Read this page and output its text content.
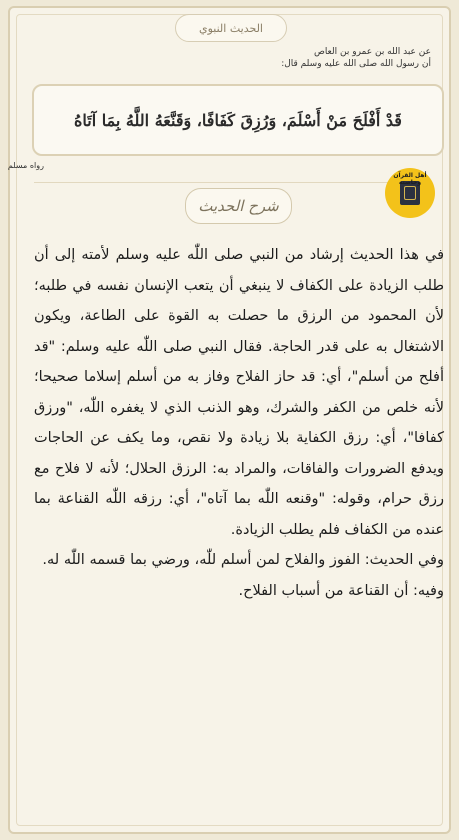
الحديث النبوي
عن عبد الله بن عمرو بن العاص
أن رسول الله صلى الله عليه وسلم قال:
قَدْ أَفْلَحَ مَنْ أَسْلَمَ، وَرُزِقَ كَفَافًا، وَقَنَّعَهُ اللَّهُ بِمَا آتَاهُ
رواه مسلم
شرح الحديث
أهل القرآن وخاصته

في هذا الحديث إرشاد من النبي صلى اللّٰه عليه وسلم لأمته إلى أن طلب الزيادة على الكفاف لا ينبغي أن يتعب الإنسان نفسه في طلبه؛ لأن المحمود من الرزق ما حصلت به القوة على الطاعة، ويكون الاشتغال به على قدر الحاجة. فقال النبي صلى اللّٰه عليه وسلم: "قد أفلح من أسلم"، أي: قد حاز الفلاح وفاز به من أسلم إسلاما صحيحا؛ لأنه خلص من الكفر والشرك، وهو الذنب الذي لا يغفره اللّٰه، "ورزق كفافا"، أي: رزق الكفاية بلا زيادة ولا نقص، وما يكف عن الحاجات ويدفع الضرورات والفاقات، والمراد به: الرزق الحلال؛ لأنه لا فلاح مع رزق حرام، وقوله: "وقنعه اللّٰه بما آتاه"، أي: رزقه اللّٰه القناعة بما عنده من الكفاف فلم يطلب الزيادة.

وفي الحديث: الفوز والفلاح لمن أسلم للّٰه، ورضي بما قسمه اللّٰه له.

وفيه: أن القناعة من أسباب الفلاح.
